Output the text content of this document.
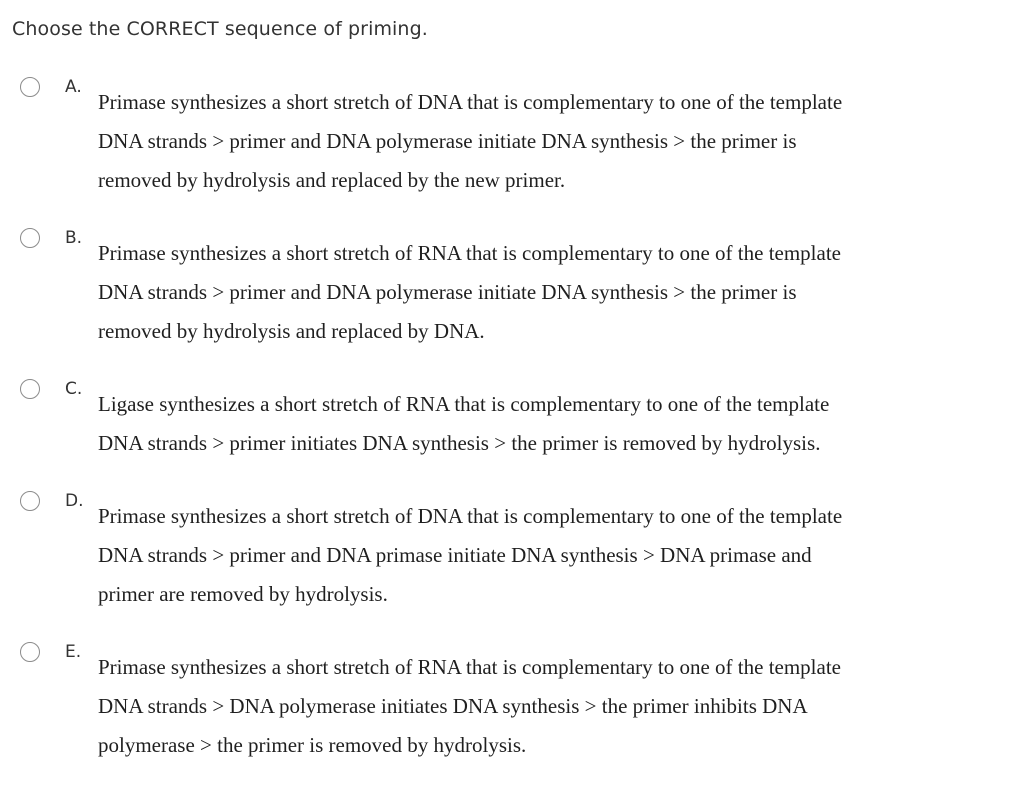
Choose the CORRECT sequence of priming.
A.
Primase synthesizes a short stretch of DNA that is complementary to one of the template
DNA strands > primer and DNA polymerase initiate DNA synthesis > the primer is
removed by hydrolysis and replaced by the new primer.
B.
Primase synthesizes a short stretch of RNA that is complementary to one of the template
DNA strands > primer and DNA polymerase initiate DNA synthesis > the primer is
removed by hydrolysis and replaced by DNA.
C.
Ligase synthesizes a short stretch of RNA that is complementary to one of the template
DNA strands > primer initiates DNA synthesis > the primer is removed by hydrolysis.
D.
Primase synthesizes a short stretch of DNA that is complementary to one of the template
DNA strands > primer and DNA primase initiate DNA synthesis > DNA primase and
primer are removed by hydrolysis.
E.
Primase synthesizes a short stretch of RNA that is complementary to one of the template
DNA strands > DNA polymerase initiates DNA synthesis > the primer inhibits DNA
polymerase > the primer is removed by hydrolysis.
